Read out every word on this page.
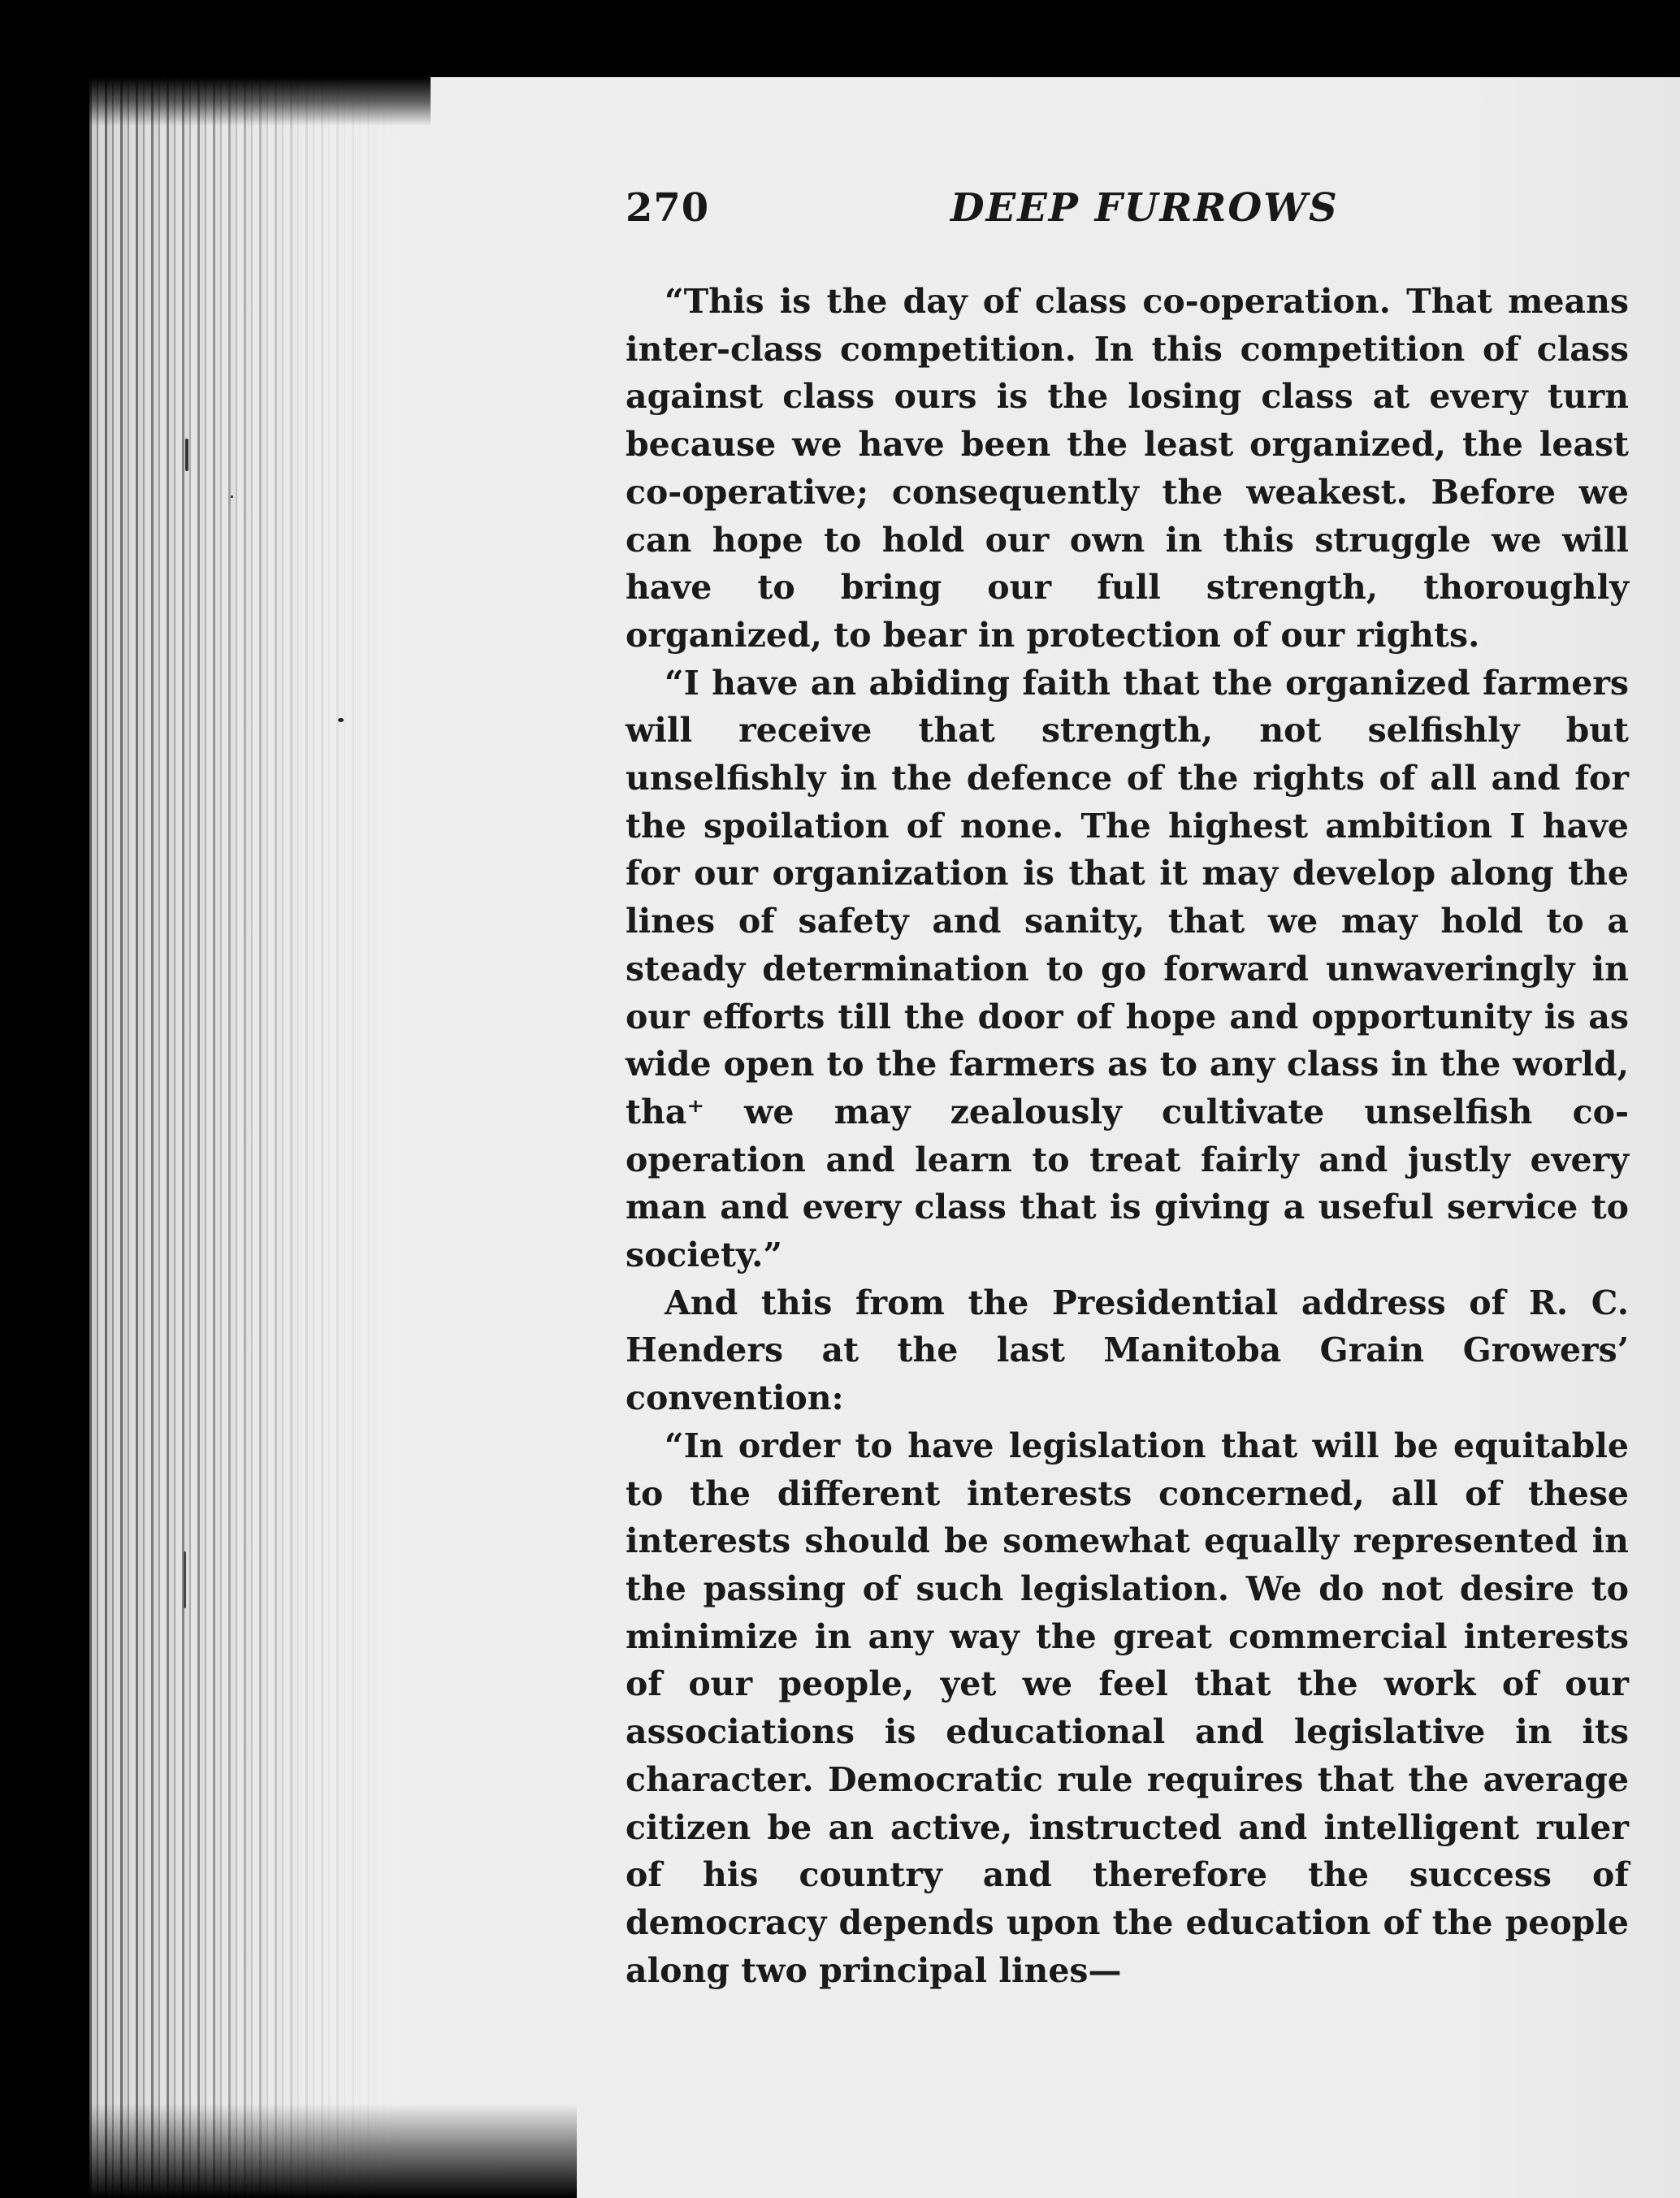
270	DEEP FURROWS

“This is the day of class co-operation. That means inter-class competition. In this competition of class against class ours is the losing class at every turn because we have been the least organized, the least co-operative; consequently the weakest. Before we can hope to hold our own in this struggle we will have to bring our full strength, thoroughly organized, to bear in protection of our rights.

“I have an abiding faith that the organized farmers will receive that strength, not selfishly but unselfishly in the defence of the rights of all and for the spoilation of none. The highest ambition I have for our organization is that it may develop along the lines of safety and sanity, that we may hold to a steady determination to go forward unwaveringly in our efforts till the door of hope and opportunity is as wide open to the farmers as to any class in the world, tha⁺ we may zealously cultivate unselfish co-operation and learn to treat fairly and justly every man and every class that is giving a useful service to society.”

And this from the Presidential address of R. C. Henders at the last Manitoba Grain Growers’ convention:

“In order to have legislation that will be equitable to the different interests concerned, all of these interests should be somewhat equally represented in the passing of such legislation. We do not desire to minimize in any way the great commercial interests of our people, yet we feel that the work of our associations is educational and legislative in its character. Democratic rule requires that the average citizen be an active, instructed and intelligent ruler of his country and therefore the success of democracy depends upon the education of the people along two principal lines—
